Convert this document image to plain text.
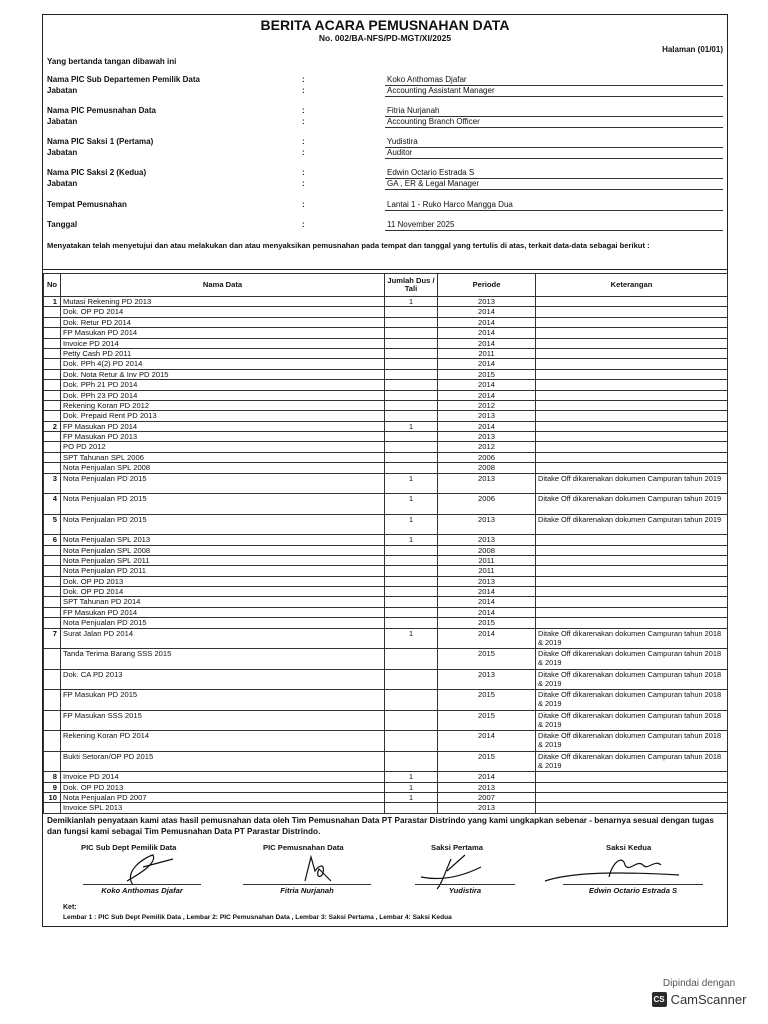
BERITA ACARA PEMUSNAHAN DATA
No. 002/BA-NFS/PD-MGT/XI/2025
Halaman (01/01)
Yang bertanda tangan dibawah ini
Nama PIC Sub Departemen Pemilik Data	:	Koko Anthomas Djafar
Jabatan	:	Accounting Assistant Manager
Nama PIC Pemusnahan Data	:	Fitria Nurjanah
Jabatan	:	Accounting Branch Officer
Nama PIC Saksi 1 (Pertama)	:	Yudistira
Jabatan	:	Auditor
Nama PIC Saksi 2 (Kedua)	:	Edwin Octario Estrada S
Jabatan	:	GA , ER & Legal Manager
Tempat Pemusnahan	:	Lantai 1 - Ruko Harco Mangga Dua
Tanggal	:	11 November 2025
Menyatakan telah menyetujui dan atau melakukan dan atau menyaksikan pemusnahan pada tempat dan tanggal yang tertulis di atas, terkait data-data sebagai berikut :
No	Nama Data	Jumlah Dus / Tali	Periode	Keterangan
1	Mutasi Rekening PD 2013	1	2013	
	Dok. OP PD 2014		2014	
	Dok. Retur PD 2014		2014	
	FP Masukan PD 2014		2014	
	Invoice PD 2014		2014	
	Petty Cash PD 2011		2011	
	Dok. PPh 4(2) PD 2014		2014	
	Dok. Nota Retur & Inv PD 2015		2015	
	Dok. PPh 21 PD 2014		2014	
	Dok. PPh 23 PD 2014		2014	
	Rekening Koran PD 2012		2012	
	Dok. Prepaid Rent PD 2013		2013	
2	FP Masukan PD 2014	1	2014	
	FP Masukan PD 2013		2013	
	PO PD 2012		2012	
	SPT Tahunan SPL 2006		2006	
	Nota Penjualan SPL 2008		2008	
3	Nota Penjualan PD 2015	1	2013	Ditake Off dikarenakan dokumen Campuran tahun 2019
4	Nota Penjualan PD 2015	1	2006	Ditake Off dikarenakan dokumen Campuran tahun 2019
5	Nota Penjualan PD 2015	1	2013	Ditake Off dikarenakan dokumen Campuran tahun 2019
6	Nota Penjualan SPL 2013	1	2013	
	Nota Penjualan SPL 2008		2008	
	Nota Penjualan SPL 2011		2011	
	Nota Penjualan PD 2011		2011	
	Dok. OP PD 2013		2013	
	Dok. OP PD 2014		2014	
	SPT Tahunan PD 2014		2014	
	FP Masukan PD 2014		2014	
	Nota Penjualan PD 2015		2015	
7	Surat Jalan PD 2014	1	2014	Ditake Off dikarenakan dokumen Campuran tahun 2018 & 2019
	Tanda Terima Barang SSS 2015		2015	Ditake Off dikarenakan dokumen Campuran tahun 2018 & 2019
	Dok. CA PD 2013		2013	Ditake Off dikarenakan dokumen Campuran tahun 2018 & 2019
	FP Masukan PD 2015		2015	Ditake Off dikarenakan dokumen Campuran tahun 2018 & 2019
	FP Masukan SSS 2015		2015	Ditake Off dikarenakan dokumen Campuran tahun 2018 & 2019
	Rekening Koran PD 2014		2014	Ditake Off dikarenakan dokumen Campuran tahun 2018 & 2019
	Bukti Setoran/OP PD 2015		2015	Ditake Off dikarenakan dokumen Campuran tahun 2018 & 2019
8	Invoice PD 2014	1	2014	
9	Dok. OP PD 2013	1	2013	
10	Nota Penjualan PD 2007	1	2007	
	Invoice SPL 2013		2013	
Demikianlah penyataan kami atas hasil pemusnahan data oleh Tim Pemusnahan Data PT Parastar Distrindo yang kami ungkapkan sebenar - benarnya sesuai dengan tugas dan fungsi kami sebagai Tim Pemusnahan Data PT Parastar Distrindo.
PIC Sub Dept Pemilik Data	PIC Pemusnahan Data	Saksi Pertama	Saksi Kedua
Koko Anthomas Djafar	Fitria Nurjanah	Yudistira	Edwin Octario Estrada S
Ket:
Lembar 1 : PIC Sub Dept Pemilik Data , Lembar 2: PIC Pemusnahan Data , Lembar 3: Saksi Pertama , Lembar 4: Saksi Kedua
Dipindai dengan
CS CamScanner
